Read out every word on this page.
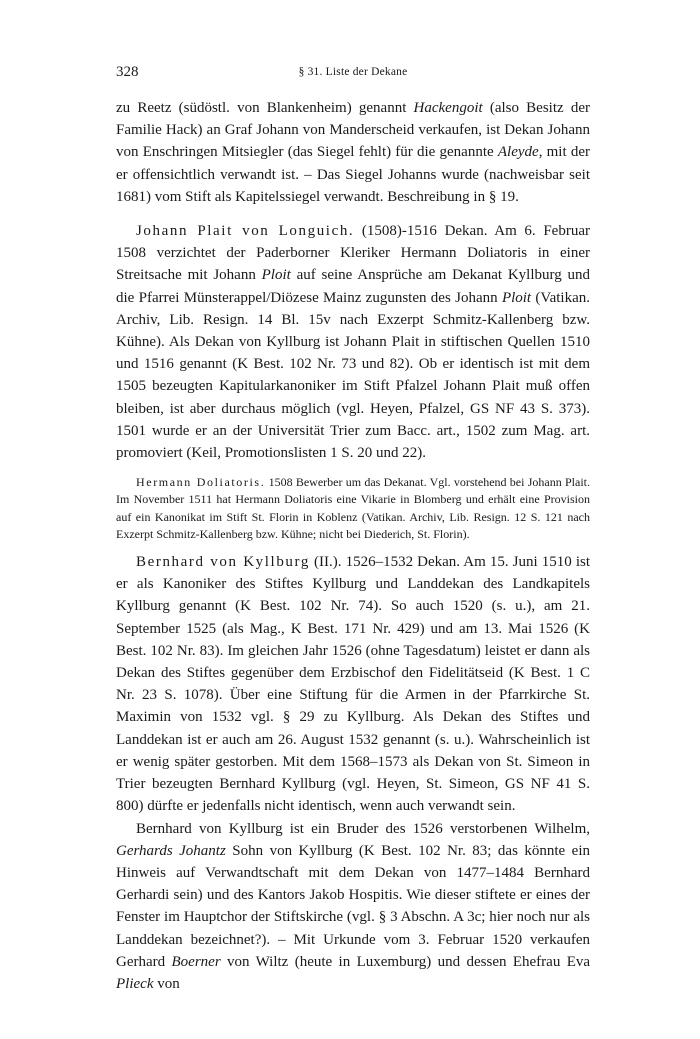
328	§ 31. Liste der Dekane

zu Reetz (südöstl. von Blankenheim) genannt Hackengoit (also Besitz der Familie Hack) an Graf Johann von Manderscheid verkaufen, ist Dekan Johann von Enschringen Mitsiegler (das Siegel fehlt) für die genannte Aleyde, mit der er offensichtlich verwandt ist. – Das Siegel Johanns wurde (nachweisbar seit 1681) vom Stift als Kapitelssiegel verwandt. Beschreibung in § 19.

Johann Plait von Longuich. (1508)-1516 Dekan. Am 6. Februar 1508 verzichtet der Paderborner Kleriker Hermann Doliatoris in einer Streitsache mit Johann Ploit auf seine Ansprüche am Dekanat Kyllburg und die Pfarrei Münsterappel/Diözese Mainz zugunsten des Johann Ploit (Vatikan. Archiv, Lib. Resign. 14 Bl. 15v nach Exzerpt Schmitz-Kallenberg bzw. Kühne). Als Dekan von Kyllburg ist Johann Plait in stiftischen Quellen 1510 und 1516 genannt (K Best. 102 Nr. 73 und 82). Ob er identisch ist mit dem 1505 bezeugten Kapitularkanoniker im Stift Pfalzel Johann Plait muß offen bleiben, ist aber durchaus möglich (vgl. Heyen, Pfalzel, GS NF 43 S. 373). 1501 wurde er an der Universität Trier zum Bacc. art., 1502 zum Mag. art. promoviert (Keil, Promotionslisten 1 S. 20 und 22).

Hermann Doliatoris. 1508 Bewerber um das Dekanat. Vgl. vorstehend bei Johann Plait. Im November 1511 hat Hermann Doliatoris eine Vikarie in Blomberg und erhält eine Provision auf ein Kanonikat im Stift St. Florin in Koblenz (Vatikan. Archiv, Lib. Resign. 12 S. 121 nach Exzerpt Schmitz-Kallenberg bzw. Kühne; nicht bei Diederich, St. Florin).

Bernhard von Kyllburg (II.). 1526–1532 Dekan. Am 15. Juni 1510 ist er als Kanoniker des Stiftes Kyllburg und Landdekan des Landkapitels Kyllburg genannt (K Best. 102 Nr. 74). So auch 1520 (s. u.), am 21. September 1525 (als Mag., K Best. 171 Nr. 429) und am 13. Mai 1526 (K Best. 102 Nr. 83). Im gleichen Jahr 1526 (ohne Tagesdatum) leistet er dann als Dekan des Stiftes gegenüber dem Erzbischof den Fidelitätseid (K Best. 1 C Nr. 23 S. 1078). Über eine Stiftung für die Armen in der Pfarrkirche St. Maximin von 1532 vgl. § 29 zu Kyllburg. Als Dekan des Stiftes und Landdekan ist er auch am 26. August 1532 genannt (s. u.). Wahrscheinlich ist er wenig später gestorben. Mit dem 1568–1573 als Dekan von St. Simeon in Trier bezeugten Bernhard Kyllburg (vgl. Heyen, St. Simeon, GS NF 41 S. 800) dürfte er jedenfalls nicht identisch, wenn auch verwandt sein.

Bernhard von Kyllburg ist ein Bruder des 1526 verstorbenen Wilhelm, Gerhards Johantz Sohn von Kyllburg (K Best. 102 Nr. 83; das könnte ein Hinweis auf Verwandtschaft mit dem Dekan von 1477–1484 Bernhard Gerhardi sein) und des Kantors Jakob Hospitis. Wie dieser stiftete er eines der Fenster im Hauptchor der Stiftskirche (vgl. § 3 Abschn. A 3c; hier noch nur als Landdekan bezeichnet?). – Mit Urkunde vom 3. Februar 1520 verkaufen Gerhard Boerner von Wiltz (heute in Luxemburg) und dessen Ehefrau Eva Plieck von
